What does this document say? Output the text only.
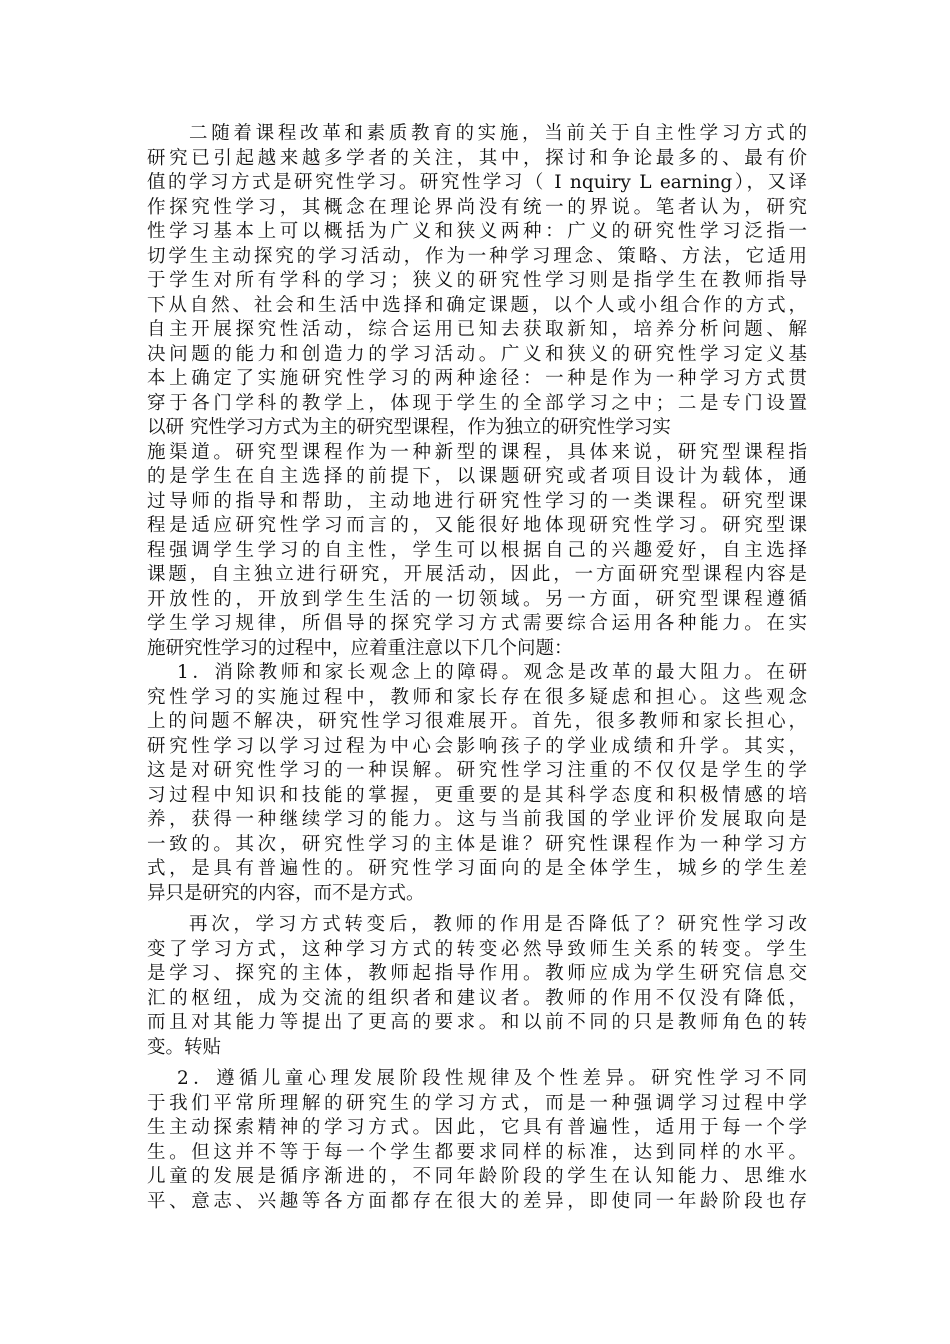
二随着课程改革和素质教育的实施，当前关于自主性学习方式的
研究已引起越来越多学者的关注，其中，探讨和争论最多的、最有价
值的学习方式是研究性学习。研究性学习（ I nquiry L earning），又译
作探究性学习，其概念在理论界尚没有统一的界说。笔者认为，研究
性学习基本上可以概括为广义和狭义两种：广义的研究性学习泛指一
切学生主动探究的学习活动，作为一种学习理念、策略、方法，它适用
于学生对所有学科的学习；狭义的研究性学习则是指学生在教师指导
下从自然、社会和生活中选择和确定课题，以个人或小组合作的方式，
自主开展探究性活动，综合运用已知去获取新知，培养分析问题、解
决问题的能力和创造力的学习活动。广义和狭义的研究性学习定义基
本上确定了实施研究性学习的两种途径：一种是作为一种学习方式贯
穿于各门学科的教学上，体现于学生的全部学习之中；二是专门设置
以研 究性学习方式为主的研究型课程，作为独立的研究性学习实
施渠道。研究型课程作为一种新型的课程，具体来说，研究型课程指
的是学生在自主选择的前提下，以课题研究或者项目设计为载体，通
过导师的指导和帮助，主动地进行研究性学习的一类课程。研究型课
程是适应研究性学习而言的，又能很好地体现研究性学习。研究型课
程强调学生学习的自主性，学生可以根据自己的兴趣爱好，自主选择
课题，自主独立进行研究，开展活动，因此，一方面研究型课程内容是
开放性的，开放到学生生活的一切领域。另一方面，研究型课程遵循
学生学习规律，所倡导的探究学习方式需要综合运用各种能力。在实
施研究性学习的过程中，应着重注意以下几个问题：
1．消除教师和家长观念上的障碍。观念是改革的最大阻力。在研
究性学习的实施过程中，教师和家长存在很多疑虑和担心。这些观念
上的问题不解决，研究性学习很难展开。首先，很多教师和家长担心，
研究性学习以学习过程为中心会影响孩子的学业成绩和升学。其实，
这是对研究性学习的一种误解。研究性学习注重的不仅仅是学生的学
习过程中知识和技能的掌握，更重要的是其科学态度和积极情感的培
养，获得一种继续学习的能力。这与当前我国的学业评价发展取向是
一致的。其次，研究性学习的主体是谁？研究性课程作为一种学习方
式，是具有普遍性的。研究性学习面向的是全体学生，城乡的学生差
异只是研究的内容，而不是方式。
再次，学习方式转变后，教师的作用是否降低了？研究性学习改
变了学习方式，这种学习方式的转变必然导致师生关系的转变。学生
是学习、探究的主体，教师起指导作用。教师应成为学生研究信息交
汇的枢纽，成为交流的组织者和建议者。教师的作用不仅没有降低，
而且对其能力等提出了更高的要求。和以前不同的只是教师角色的转
变。转贴
2．遵循儿童心理发展阶段性规律及个性差异。研究性学习不同
于我们平常所理解的研究生的学习方式，而是一种强调学习过程中学
生主动探索精神的学习方式。因此，它具有普遍性，适用于每一个学
生。但这并不等于每一个学生都要求同样的标准，达到同样的水平。
儿童的发展是循序渐进的，不同年龄阶段的学生在认知能力、思维水
平、意志、兴趣等各方面都存在很大的差异，即使同一年龄阶段也存
